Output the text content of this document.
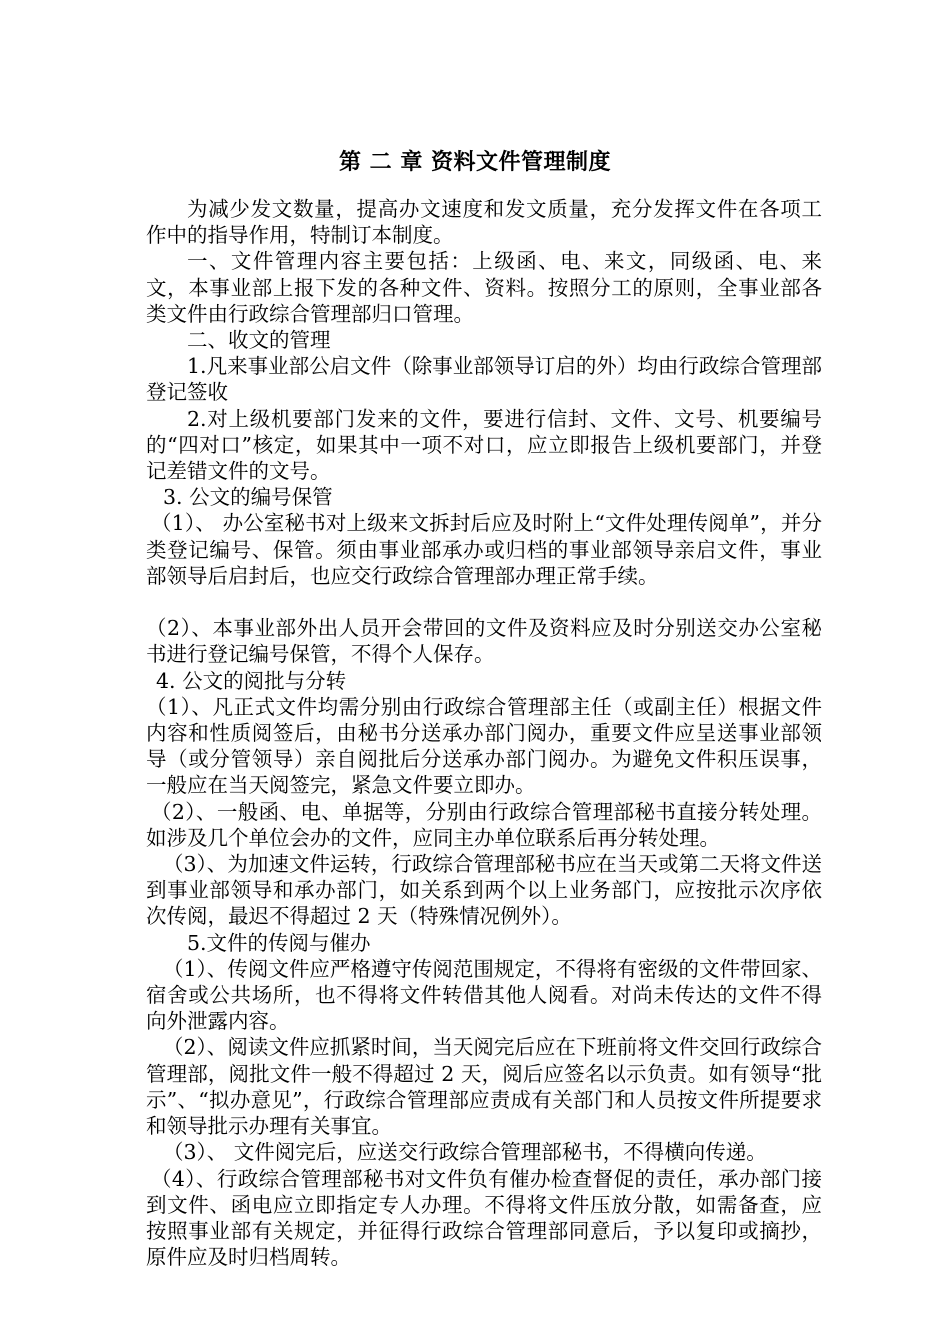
第 二 章 资料文件管理制度

为减少发文数量，提高办文速度和发文质量，充分发挥文件在各项工作中的指导作用，特制订本制度。

一、文件管理内容主要包括：上级函、电、来文，同级函、电、来文，本事业部上报下发的各种文件、资料。按照分工的原则，全事业部各类文件由行政综合管理部归口管理。

二、收文的管理

1.凡来事业部公启文件（除事业部领导订启的外）均由行政综合管理部登记签收

2.对上级机要部门发来的文件，要进行信封、文件、文号、机要编号的“四对口”核定，如果其中一项不对口，应立即报告上级机要部门，并登记差错文件的文号。

3. 公文的编号保管

（1）、 办公室秘书对上级来文拆封后应及时附上“文件处理传阅单”，并分类登记编号、保管。须由事业部承办或归档的事业部领导亲启文件，事业部领导后启封后，也应交行政综合管理部办理正常手续。

（2）、本事业部外出人员开会带回的文件及资料应及时分别送交办公室秘书进行登记编号保管，不得个人保存。

4. 公文的阅批与分转

（1）、凡正式文件均需分别由行政综合管理部主任（或副主任）根据文件内容和性质阅签后，由秘书分送承办部门阅办，重要文件应呈送事业部领导（或分管领导）亲自阅批后分送承办部门阅办。为避免文件积压误事，一般应在当天阅签完，紧急文件要立即办。

（2）、一般函、电、单据等，分别由行政综合管理部秘书直接分转处理。如涉及几个单位会办的文件，应同主办单位联系后再分转处理。

（3）、为加速文件运转，行政综合管理部秘书应在当天或第二天将文件送到事业部领导和承办部门，如关系到两个以上业务部门，应按批示次序依次传阅，最迟不得超过 2 天（特殊情况例外）。

5.文件的传阅与催办

（1）、传阅文件应严格遵守传阅范围规定，不得将有密级的文件带回家、宿舍或公共场所，也不得将文件转借其他人阅看。对尚未传达的文件不得向外泄露内容。

（2）、阅读文件应抓紧时间，当天阅完后应在下班前将文件交回行政综合管理部，阅批文件一般不得超过 2 天，阅后应签名以示负责。如有领导“批示”、“拟办意见”，行政综合管理部应责成有关部门和人员按文件所提要求和领导批示办理有关事宜。

（3）、 文件阅完后，应送交行政综合管理部秘书，不得横向传递。

（4）、行政综合管理部秘书对文件负有催办检查督促的责任，承办部门接到文件、函电应立即指定专人办理。不得将文件压放分散，如需备查，应按照事业部有关规定，并征得行政综合管理部同意后，予以复印或摘抄，原件应及时归档周转。
